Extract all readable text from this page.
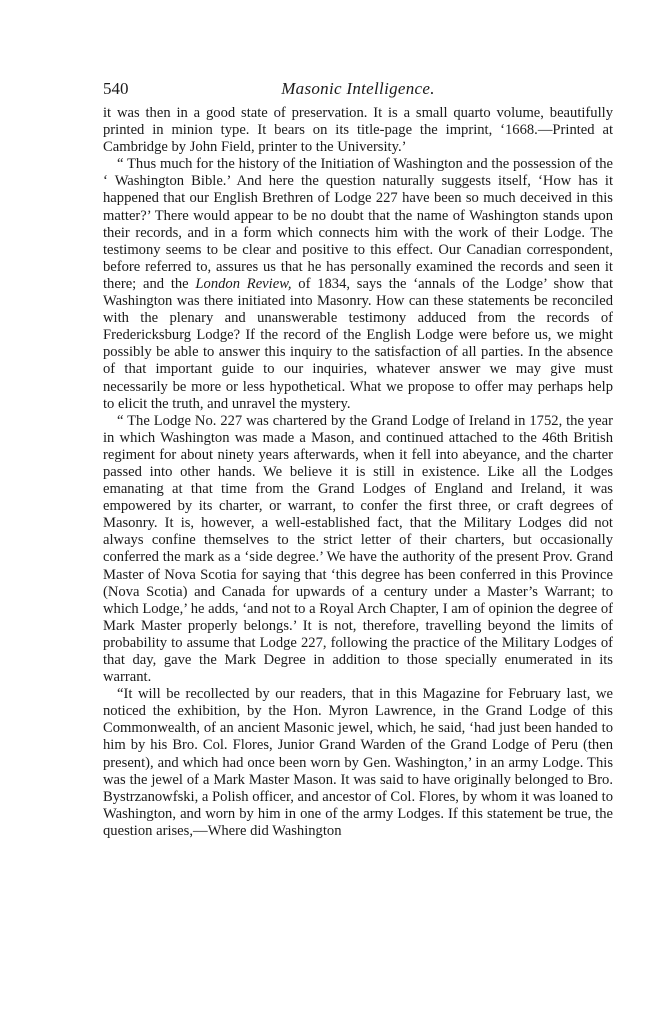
540	Masonic Intelligence.

it was then in a good state of preservation. It is a small quarto volume, beautifully printed in minion type. It bears on its title-page the imprint, ‘1668.—Printed at Cambridge by John Field, printer to the University.’

“ Thus much for the history of the Initiation of Washington and the possession of the ‘ Washington Bible.’ And here the question naturally suggests itself, ‘How has it happened that our English Brethren of Lodge 227 have been so much deceived in this matter?’ There would appear to be no doubt that the name of Washington stands upon their records, and in a form which connects him with the work of their Lodge. The testimony seems to be clear and positive to this effect. Our Canadian correspondent, before referred to, assures us that he has personally examined the records and seen it there; and the London Review, of 1834, says the ‘annals of the Lodge’ show that Washington was there initiated into Masonry. How can these statements be reconciled with the plenary and unanswerable testimony adduced from the records of Fredericksburg Lodge? If the record of the English Lodge were before us, we might possibly be able to answer this inquiry to the satisfaction of all parties. In the absence of that important guide to our inquiries, whatever answer we may give must necessarily be more or less hypothetical. What we propose to offer may perhaps help to elicit the truth, and unravel the mystery.

“ The Lodge No. 227 was chartered by the Grand Lodge of Ireland in 1752, the year in which Washington was made a Mason, and continued attached to the 46th British regiment for about ninety years afterwards, when it fell into abeyance, and the charter passed into other hands. We believe it is still in existence. Like all the Lodges emanating at that time from the Grand Lodges of England and Ireland, it was empowered by its charter, or warrant, to confer the first three, or craft degrees of Masonry. It is, however, a well-established fact, that the Military Lodges did not always confine themselves to the strict letter of their charters, but occasionally conferred the mark as a ‘side degree.’ We have the authority of the present Prov. Grand Master of Nova Scotia for saying that ‘this degree has been conferred in this Province (Nova Scotia) and Canada for upwards of a century under a Master’s Warrant; to which Lodge,’ he adds, ‘and not to a Royal Arch Chapter, I am of opinion the degree of Mark Master properly belongs.’ It is not, therefore, travelling beyond the limits of probability to assume that Lodge 227, following the practice of the Military Lodges of that day, gave the Mark Degree in addition to those specially enumerated in its warrant.

“It will be recollected by our readers, that in this Magazine for February last, we noticed the exhibition, by the Hon. Myron Lawrence, in the Grand Lodge of this Commonwealth, of an ancient Masonic jewel, which, he said, ‘had just been handed to him by his Bro. Col. Flores, Junior Grand Warden of the Grand Lodge of Peru (then present), and which had once been worn by Gen. Washington,’ in an army Lodge. This was the jewel of a Mark Master Mason. It was said to have originally belonged to Bro. Bystrzanowfski, a Polish officer, and ancestor of Col. Flores, by whom it was loaned to Washington, and worn by him in one of the army Lodges. If this statement be true, the question arises,—Where did Washington
